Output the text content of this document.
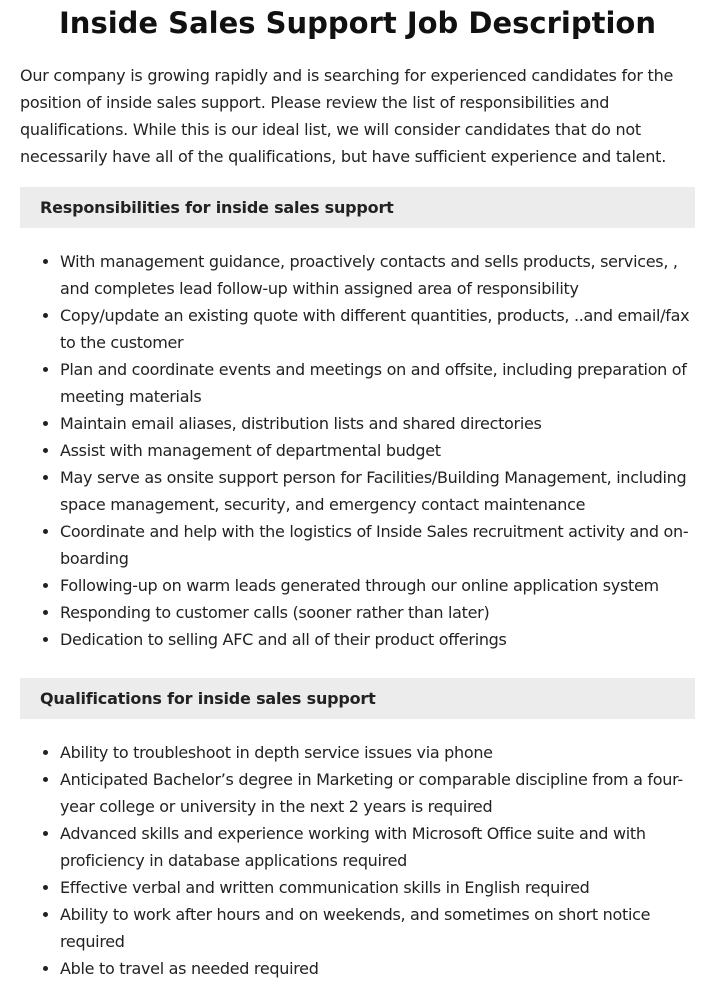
Inside Sales Support Job Description

Our company is growing rapidly and is searching for experienced candidates for the position of inside sales support. Please review the list of responsibilities and qualifications. While this is our ideal list, we will consider candidates that do not necessarily have all of the qualifications, but have sufficient experience and talent.

Responsibilities for inside sales support
• With management guidance, proactively contacts and sells products, services, , and completes lead follow-up within assigned area of responsibility
• Copy/update an existing quote with different quantities, products, ..and email/fax to the customer
• Plan and coordinate events and meetings on and offsite, including preparation of meeting materials
• Maintain email aliases, distribution lists and shared directories
• Assist with management of departmental budget
• May serve as onsite support person for Facilities/Building Management, including space management, security, and emergency contact maintenance
• Coordinate and help with the logistics of Inside Sales recruitment activity and on-boarding
• Following-up on warm leads generated through our online application system
• Responding to customer calls (sooner rather than later)
• Dedication to selling AFC and all of their product offerings
Qualifications for inside sales support
• Ability to troubleshoot in depth service issues via phone
• Anticipated Bachelor’s degree in Marketing or comparable discipline from a four-year college or university in the next 2 years is required
• Advanced skills and experience working with Microsoft Office suite and with proficiency in database applications required
• Effective verbal and written communication skills in English required
• Ability to work after hours and on weekends, and sometimes on short notice required
• Able to travel as needed required
